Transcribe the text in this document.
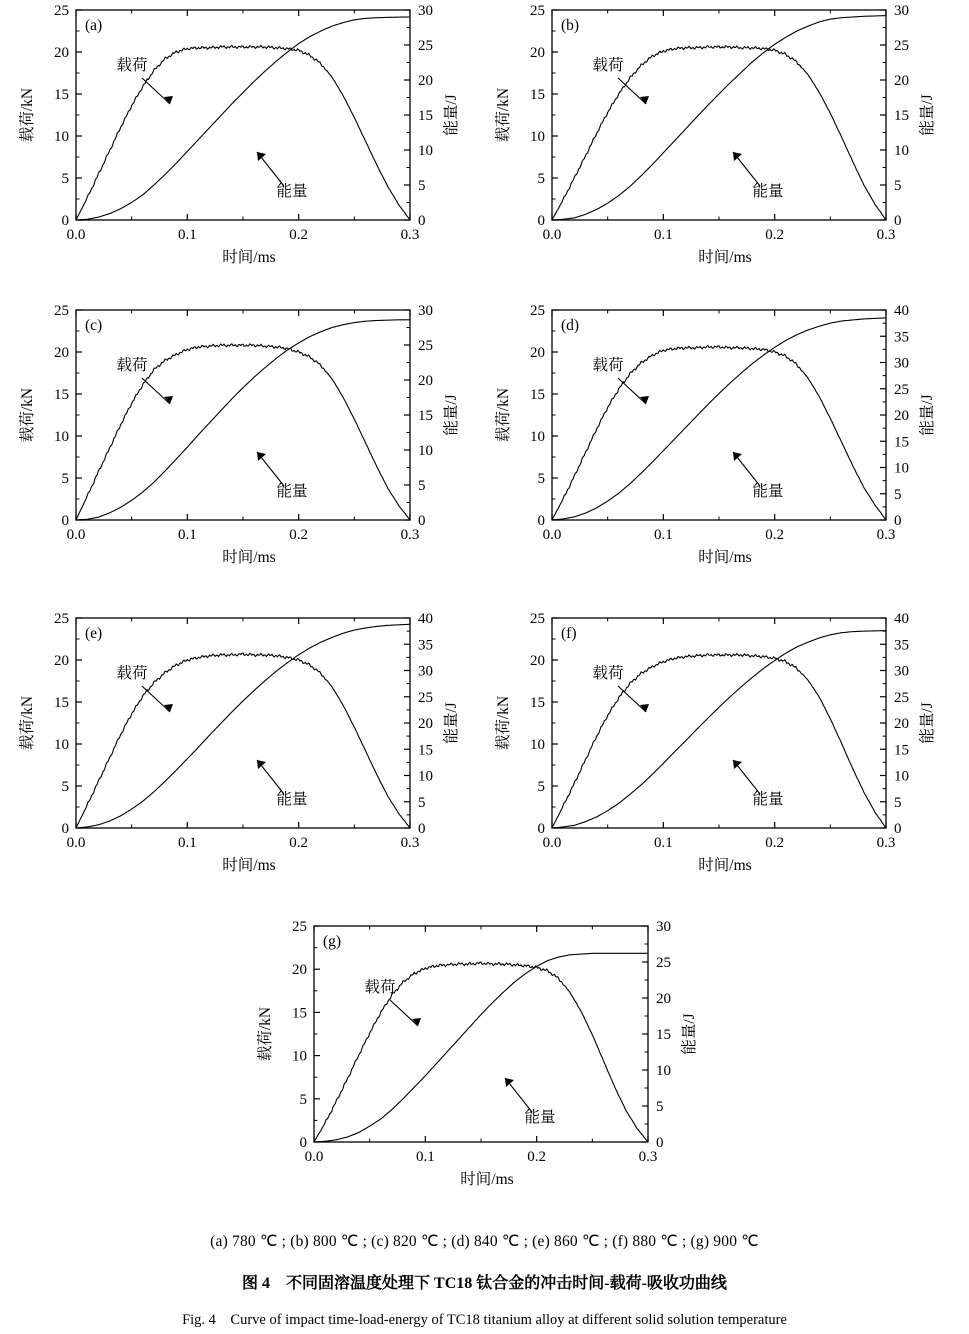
0.0	0.1	0.2	0.3
0
5
10
15
20
25
0
5
10
15
20
25
30
(a)
载荷
能量
时间/ms
载荷/kN	能量/J
0.0	0.1	0.2	0.3
0
5
10
15
20
25
0
5
10
15
20
25
30
(b)
载荷
能量
时间/ms
载荷/kN	能量/J
0.0	0.1	0.2	0.3
0
5
10
15
20
25
0
5
10
15
20
25
30
(c)
载荷
能量
时间/ms
载荷/kN	能量/J
0.0	0.1	0.2	0.3
0
5
10
15
20
25
0
5
10
15
20
25
30
35
40
(d)
载荷
能量
时间/ms
载荷/kN	能量/J
0.0	0.1	0.2	0.3
0
5
10
15
20
25
0
5
10
15
20
25
30
35
40
(e)
载荷
能量
时间/ms
载荷/kN	能量/J
0.0	0.1	0.2	0.3
0
5
10
15
20
25
0
5
10
15
20
25
30
35
40
(f)
载荷
能量
时间/ms
载荷/kN	能量/J
0.0	0.1	0.2	0.3
0
5
10
15
20
25
0
5
10
15
20
25
30
(g)
载荷
能量
时间/ms
载荷/kN	能量/J
(a) 780 ℃ ; (b) 800 ℃ ; (c) 820 ℃ ; (d) 840 ℃ ; (e) 860 ℃ ; (f) 880 ℃ ; (g) 900 ℃
图 4　不同固溶温度处理下 TC18 钛合金的冲击时间-载荷-吸收功曲线
Fig. 4　Curve of impact time-load-energy of TC18 titanium alloy at different solid solution temperature
